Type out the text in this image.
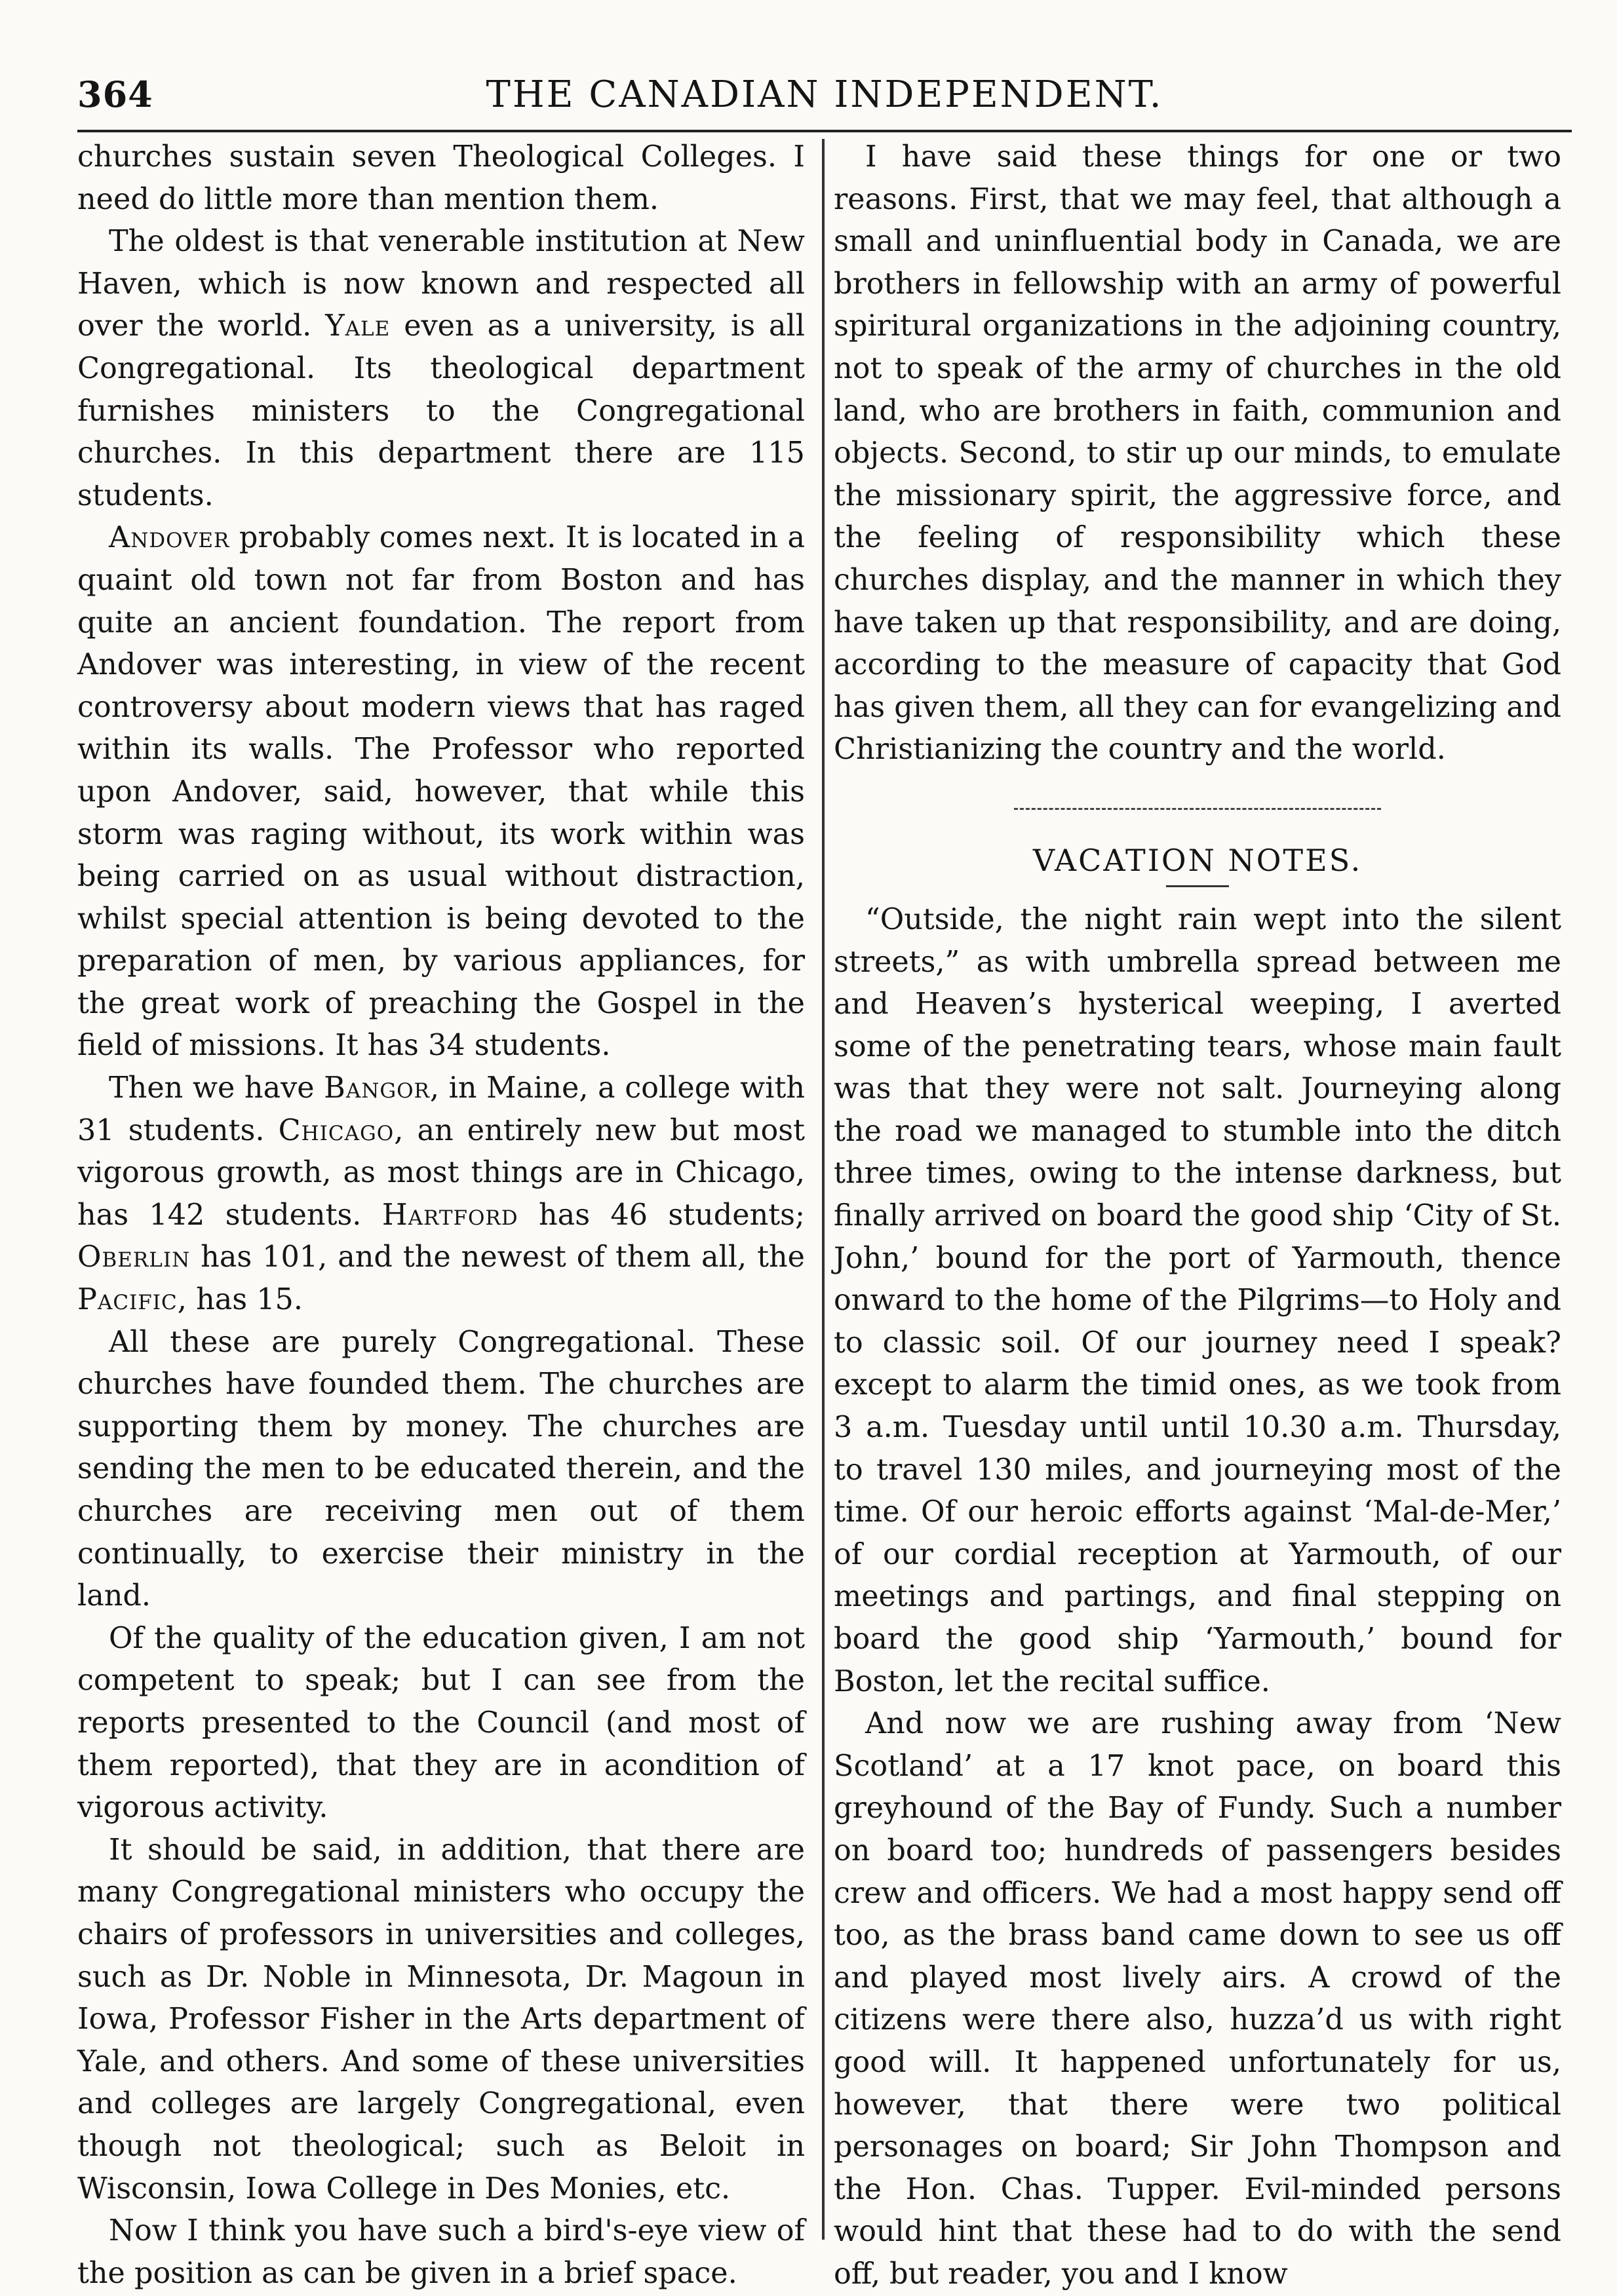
364	THE CANADIAN INDEPENDENT.

churches sustain seven Theological Colleges. I need do little more than mention them.

The oldest is that venerable institution at New Haven, which is now known and respected all over the world. Yale even as a university, is all Congregational. Its theological department furnishes ministers to the Congregational churches. In this department there are 115 students.

Andover probably comes next. It is located in a quaint old town not far from Boston and has quite an ancient foundation. The report from Andover was interesting, in view of the recent controversy about modern views that has raged within its walls. The Professor who reported upon Andover, said, however, that while this storm was raging without, its work within was being carried on as usual without distraction, whilst special attention is being devoted to the preparation of men, by various appliances, for the great work of preaching the Gospel in the field of missions. It has 34 students.

Then we have Bangor, in Maine, a college with 31 students. Chicago, an entirely new but most vigorous growth, as most things are in Chicago, has 142 students. Hartford has 46 students; Oberlin has 101, and the newest of them all, the Pacific, has 15.

All these are purely Congregational. These churches have founded them. The churches are supporting them by money. The churches are sending the men to be educated therein, and the churches are receiving men out of them continually, to exercise their ministry in the land.

Of the quality of the education given, I am not competent to speak; but I can see from the reports presented to the Council (and most of them reported), that they are in acondition of vigorous activity.

It should be said, in addition, that there are many Congregational ministers who occupy the chairs of professors in universities and colleges, such as Dr. Noble in Minnesota, Dr. Magoun in Iowa, Professor Fisher in the Arts department of Yale, and others. And some of these universities and colleges are largely Congregational, even though not theological; such as Beloit in Wisconsin, Iowa College in Des Monies, etc.

Now I think you have such a bird's-eye view of the position as can be given in a brief space.

I have said these things for one or two reasons. First, that we may feel, that although a small and uninfluential body in Canada, we are brothers in fellowship with an army of powerful spiritural organizations in the adjoining country, not to speak of the army of churches in the old land, who are brothers in faith, communion and objects. Second, to stir up our minds, to emulate the missionary spirit, the aggressive force, and the feeling of responsibility which these churches display, and the manner in which they have taken up that responsibility, and are doing, according to the measure of capacity that God has given them, all they can for evangelizing and Christianizing the country and the world.

VACATION NOTES.

“Outside, the night rain wept into the silent streets,” as with umbrella spread between me and Heaven’s hysterical weeping, I averted some of the penetrating tears, whose main fault was that they were not salt. Journeying along the road we managed to stumble into the ditch three times, owing to the intense darkness, but finally arrived on board the good ship ‘City of St. John,’ bound for the port of Yarmouth, thence onward to the home of the Pilgrims—to Holy and to classic soil. Of our journey need I speak? except to alarm the timid ones, as we took from 3 a.m. Tuesday until until 10.30 a.m. Thursday, to travel 130 miles, and journeying most of the time. Of our heroic efforts against ‘Mal-de-Mer,’ of our cordial reception at Yarmouth, of our meetings and partings, and final stepping on board the good ship ‘Yarmouth,’ bound for Boston, let the recital suffice.

And now we are rushing away from ‘New Scotland’ at a 17 knot pace, on board this greyhound of the Bay of Fundy. Such a number on board too; hundreds of passengers besides crew and officers. We had a most happy send off too, as the brass band came down to see us off and played most lively airs. A crowd of the citizens were there also, huzza’d us with right good will. It happened unfortunately for us, however, that there were two political personages on board; Sir John Thompson and the Hon. Chas. Tupper. Evil-minded persons would hint that these had to do with the send off, but reader, you and I know
